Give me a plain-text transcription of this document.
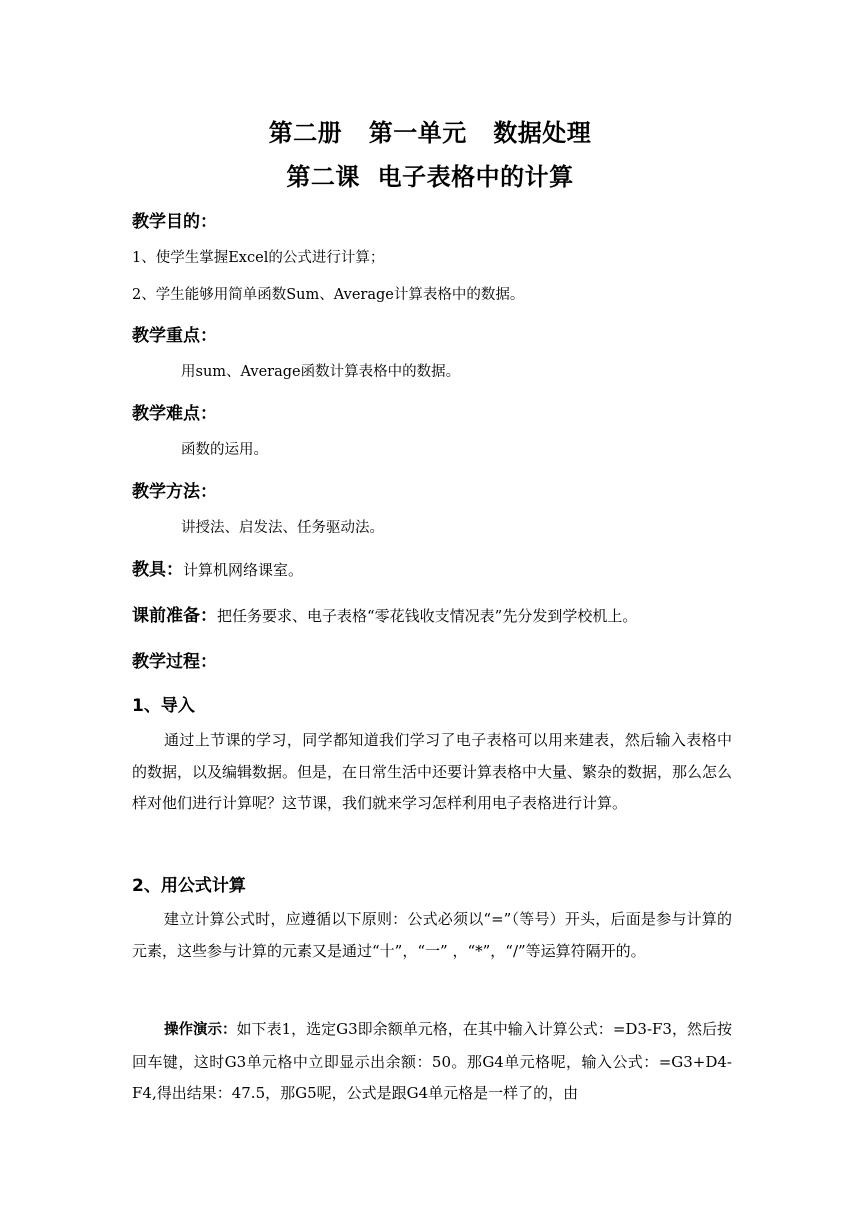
第二册   第一单元   数据处理
第二课  电子表格中的计算
教学目的：
1、使学生掌握Excel的公式进行计算；
2、学生能够用简单函数Sum、Average计算表格中的数据。
教学重点：
用sum、Average函数计算表格中的数据。
教学难点：
函数的运用。
教学方法：
讲授法、启发法、任务驱动法。
教具：计算机网络课室。
课前准备：把任务要求、电子表格“零花钱收支情况表”先分发到学校机上。
教学过程：
1、导入
通过上节课的学习，同学都知道我们学习了电子表格可以用来建表，然后输入表格中的数据，以及编辑数据。但是，在日常生活中还要计算表格中大量、繁杂的数据，那么怎么样对他们进行计算呢？这节课，我们就来学习怎样利用电子表格进行计算。
2、用公式计算
建立计算公式时，应遵循以下原则：公式必须以“=”（等号）开头，后面是参与计算的元素，这些参与计算的元素又是通过“十”，“一” ，“*”，“/”等运算符隔开的。
操作演示：如下表1，选定G3即余额单元格，在其中输入计算公式：=D3-F3，然后按回车键，这时G3单元格中立即显示出余额：50。那G4单元格呢，输入公式：=G3+D4-F4,得出结果：47.5，那G5呢，公式是跟G4单元格是一样了的，由
